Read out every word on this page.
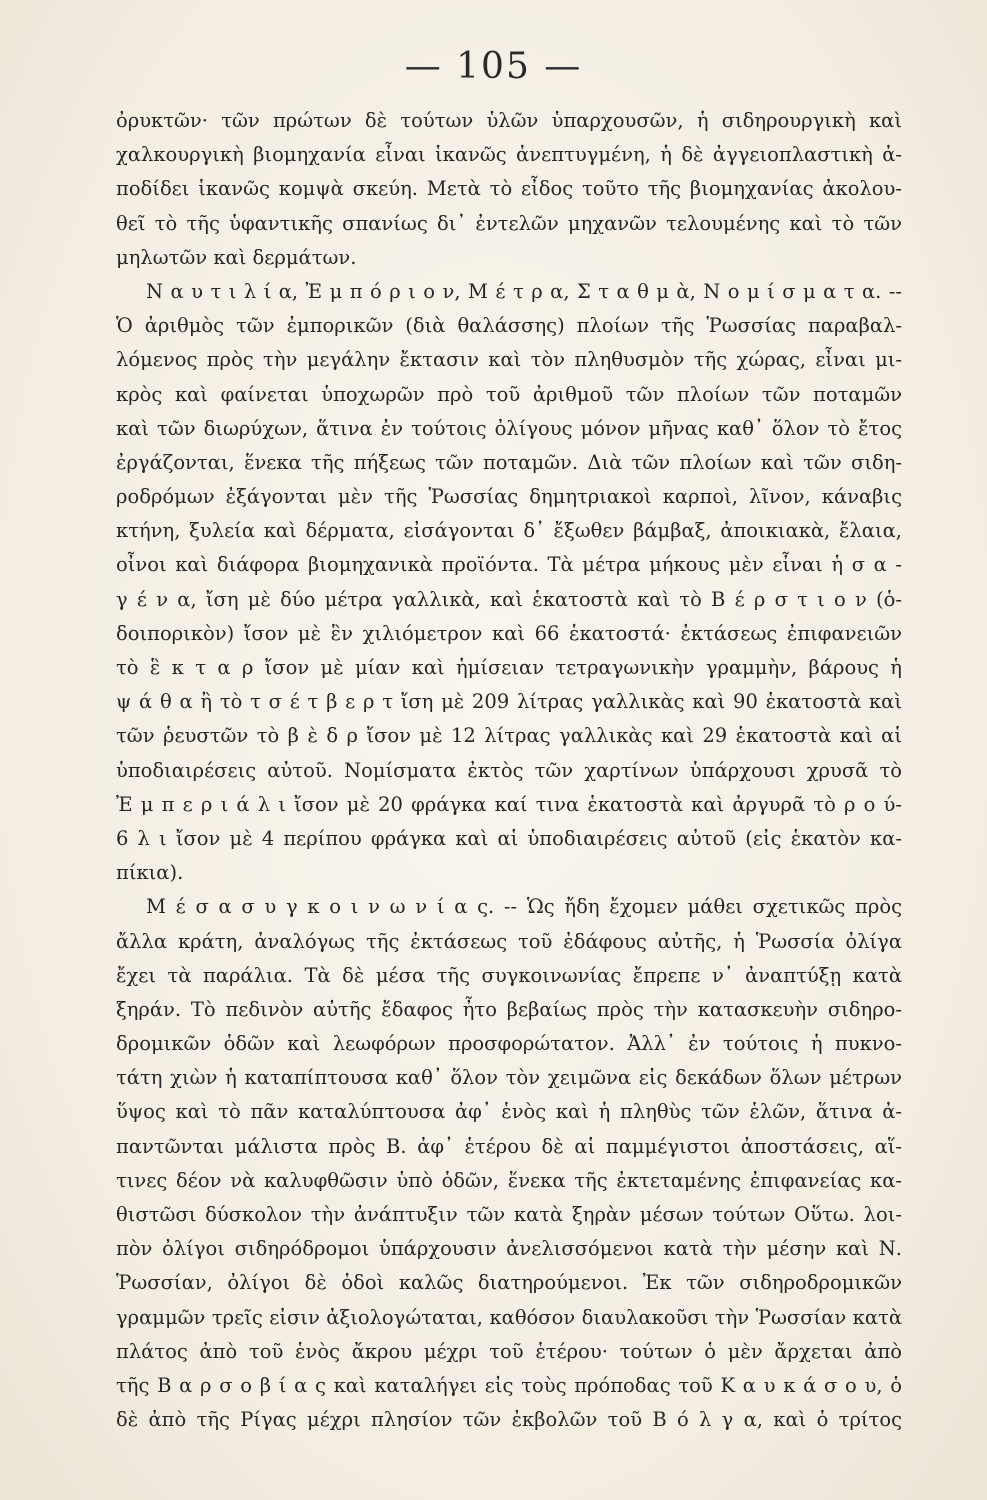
— 105 —
ὀρυκτῶν· τῶν πρώτων δὲ τούτων ὑλῶν ὑπαρχουσῶν, ἡ σιδηρουργικὴ καὶ
χαλκουργικὴ βιομηχανία εἶναι ἱκανῶς ἀνεπτυγμένη, ἡ δὲ ἀγγειοπλαστικὴ ἀ-
ποδίδει ἱκανῶς κομψὰ σκεύη. Μετὰ τὸ εἶδος τοῦτο τῆς βιομηχανίας ἀκολου-
θεῖ τὸ τῆς ὑφαντικῆς σπανίως δι᾽ ἐντελῶν μηχανῶν τελουμένης καὶ τὸ τῶν
μηλωτῶν καὶ δερμάτων.
Ν α υ τ ι λ ί α, Ἐ μ π ό ρ ι ο ν, Μ έ τ ρ α, Σ τ α θ μ ὰ, Ν ο μ ί σ μ α τ α. --
Ὁ ἀριθμὸς τῶν ἐμπορικῶν (διὰ θαλάσσης) πλοίων τῆς Ῥωσσίας παραβαλ-
λόμενος πρὸς τὴν μεγάλην ἔκτασιν καὶ τὸν πληθυσμὸν τῆς χώρας, εἶναι μι-
κρὸς καὶ φαίνεται ὑποχωρῶν πρὸ τοῦ ἀριθμοῦ τῶν πλοίων τῶν ποταμῶν
καὶ τῶν διωρύχων, ἅτινα ἐν τούτοις ὀλίγους μόνον μῆνας καθ᾽ ὅλον τὸ ἔτος
ἐργάζονται, ἕνεκα τῆς πήξεως τῶν ποταμῶν. Διὰ τῶν πλοίων καὶ τῶν σιδη-
ροδρόμων ἐξάγονται μὲν τῆς Ῥωσσίας δημητριακοὶ καρποὶ, λῖνον, κάναβις
κτήνη, ξυλεία καὶ δέρματα, εἰσάγονται δ᾽ ἔξωθεν βάμβαξ, ἀποικιακὰ, ἔλαια,
οἶνοι καὶ διάφορα βιομηχανικὰ προϊόντα. Τὰ μέτρα μήκους μὲν εἶναι ἡ σ α -
γ έ ν α, ἴση μὲ δύο μέτρα γαλλικὰ, καὶ ἑκατοστὰ καὶ τὸ Β έ ρ σ τ ι ο ν (ὁ-
δοιπορικὸν) ἴσον μὲ ἓν χιλιόμετρον καὶ 66 ἑκατοστά· ἐκτάσεως ἐπιφανειῶν
τὸ ἓ κ τ α ρ ἴσον μὲ μίαν καὶ ἡμίσειαν τετραγωνικὴν γραμμὴν, βάρους ἡ
ψ ά θ α ἢ τὸ τ σ έ τ β ε ρ τ ἴση μὲ 209 λίτρας γαλλικὰς καὶ 90 ἑκατοστὰ καὶ
τῶν ῥευστῶν τὸ β ὲ δ ρ ἴσον μὲ 12 λίτρας γαλλικὰς καὶ 29 ἑκατοστὰ καὶ αἱ
ὑποδιαιρέσεις αὐτοῦ. Νομίσματα ἐκτὸς τῶν χαρτίνων ὑπάρχουσι χρυσᾶ τὸ
Ἐ μ π ε ρ ι ά λ ι ἴσον μὲ 20 φράγκα καί τινα ἑκατοστὰ καὶ ἀργυρᾶ τὸ ρ ο ύ-
6 λ ι ἴσον μὲ 4 περίπου φράγκα καὶ αἱ ὑποδιαιρέσεις αὐτοῦ (εἰς ἑκατὸν κα-
πίκια).
Μ έ σ α σ υ γ κ ο ι ν ω ν ί α ς. -- Ὡς ἤδη ἔχομεν μάθει σχετικῶς πρὸς
ἄλλα κράτη, ἀναλόγως τῆς ἐκτάσεως τοῦ ἐδάφους αὐτῆς, ἡ Ῥωσσία ὀλίγα
ἔχει τὰ παράλια. Τὰ δὲ μέσα τῆς συγκοινωνίας ἔπρεπε ν᾽ ἀναπτύξῃ κατὰ
ξηράν. Τὸ πεδινὸν αὐτῆς ἔδαφος ἦτο βεβαίως πρὸς τὴν κατασκευὴν σιδηρο-
δρομικῶν ὁδῶν καὶ λεωφόρων προσφορώτατον. Ἀλλ᾽ ἐν τούτοις ἡ πυκνο-
τάτη χιὼν ἡ καταπίπτουσα καθ᾽ ὅλον τὸν χειμῶνα εἰς δεκάδων ὅλων μέτρων
ὕψος καὶ τὸ πᾶν καταλύπτουσα ἀφ᾽ ἑνὸς καὶ ἡ πληθὺς τῶν ἑλῶν, ἅτινα ἀ-
παντῶνται μάλιστα πρὸς Β. ἀφ᾽ ἑτέρου δὲ αἱ παμμέγιστοι ἀποστάσεις, αἵ-
τινες δέον νὰ καλυφθῶσιν ὑπὸ ὁδῶν, ἕνεκα τῆς ἐκτεταμένης ἐπιφανείας κα-
θιστῶσι δύσκολον τὴν ἀνάπτυξιν τῶν κατὰ ξηρὰν μέσων τούτων Οὕτω. λοι-
πὸν ὀλίγοι σιδηρόδρομοι ὑπάρχουσιν ἀνελισσόμενοι κατὰ τὴν μέσην καὶ Ν.
Ῥωσσίαν, ὀλίγοι δὲ ὁδοὶ καλῶς διατηρούμενοι. Ἐκ τῶν σιδηροδρομικῶν
γραμμῶν τρεῖς εἰσιν ἀξιολογώταται, καθόσον διαυλακοῦσι τὴν Ῥωσσίαν κατὰ
πλάτος ἀπὸ τοῦ ἑνὸς ἄκρου μέχρι τοῦ ἑτέρου· τούτων ὁ μὲν ἄρχεται ἀπὸ
τῆς Β α ρ σ ο β ί α ς καὶ καταλήγει εἰς τοὺς πρόποδας τοῦ Κ α υ κ ά σ ο υ, ὁ
δὲ ἀπὸ τῆς Ρίγας μέχρι πλησίον τῶν ἐκβολῶν τοῦ Β ό λ γ α, καὶ ὁ τρίτος
